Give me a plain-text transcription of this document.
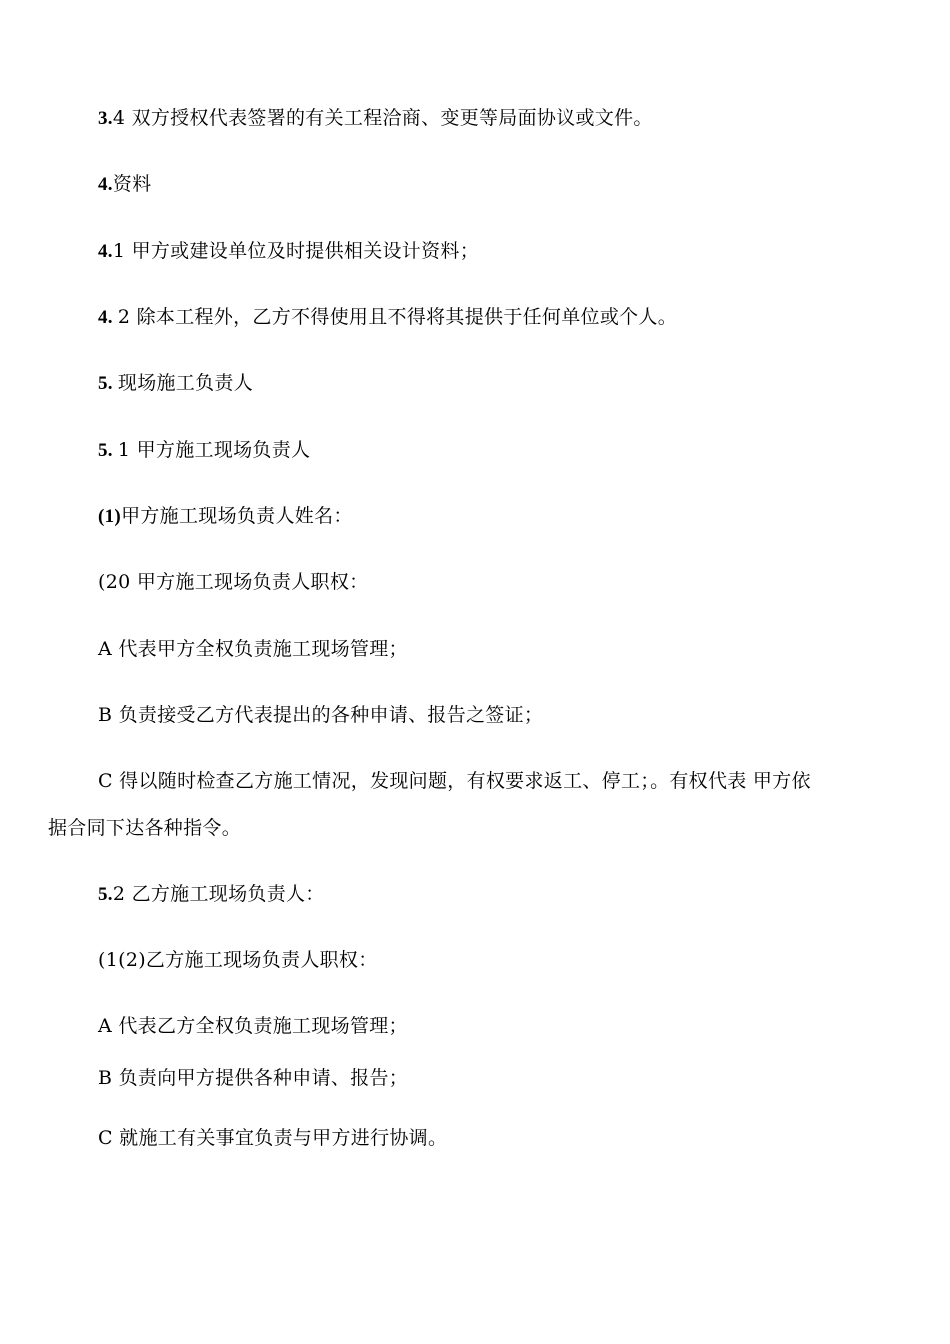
3.4 双方授权代表签署的有关工程洽商、变更等局面协议或文件。
4.资料
4.1 甲方或建设单位及时提供相关设计资料；
4. 2 除本工程外，乙方不得使用且不得将其提供于任何单位或个人。
5. 现场施工负责人
5. 1 甲方施工现场负责人
(1)甲方施工现场负责人姓名：
(20 甲方施工现场负责人职权：
A 代表甲方全权负责施工现场管理；
B 负责接受乙方代表提出的各种申请、报告之签证；
C 得以随时检查乙方施工情况，发现问题，有权要求返工、停工；。有权代表 甲方依
据合同下达各种指令。
5.2 乙方施工现场负责人：
(1(2)乙方施工现场负责人职权：
A 代表乙方全权负责施工现场管理；
B 负责向甲方提供各种申请、报告；
C 就施工有关事宜负责与甲方进行协调。
